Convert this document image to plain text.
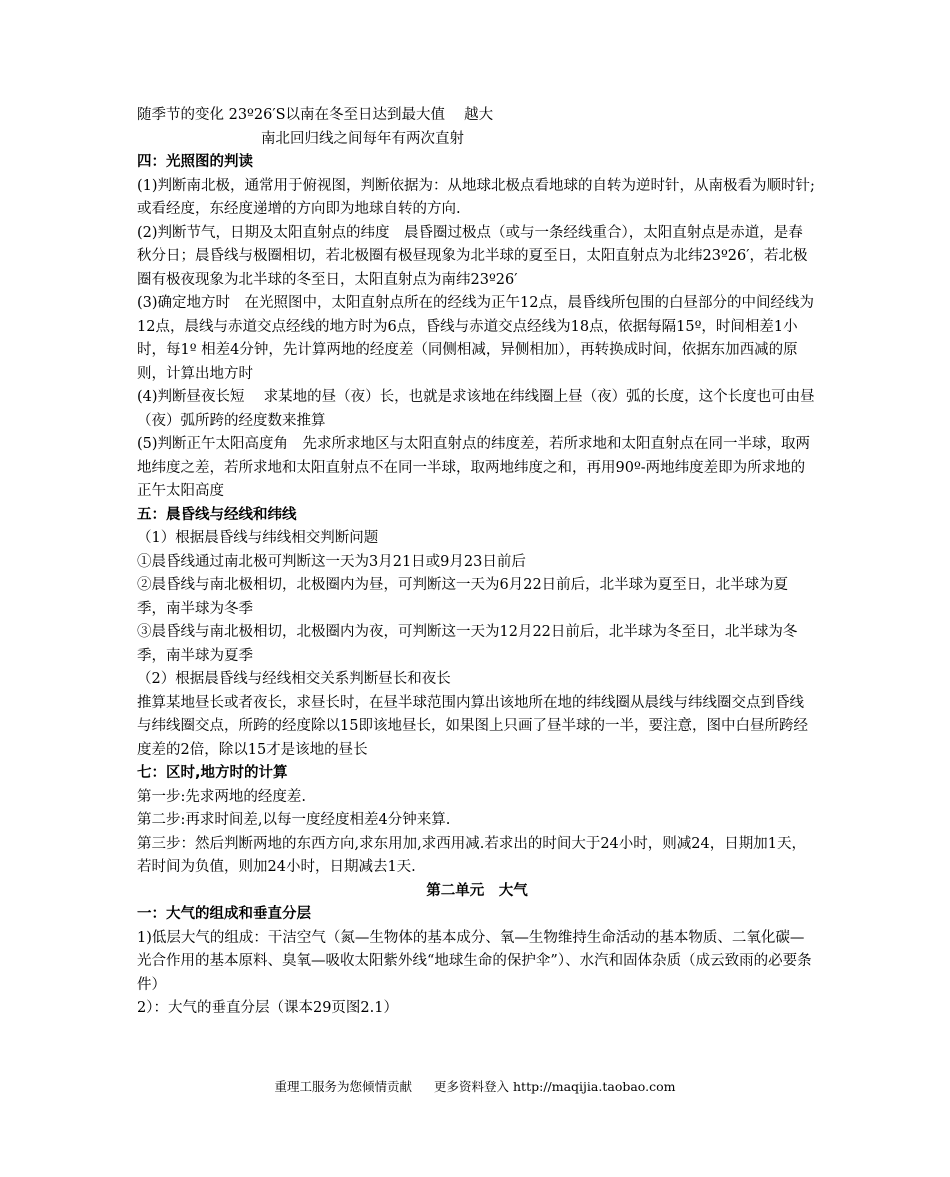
随季节的变化 23º26′S以南在冬至日达到最大值　 越大
南北回归线之间每年有两次直射
四：光照图的判读
(1)判断南北极，通常用于俯视图，判断依据为：从地球北极点看地球的自转为逆时针，从南极看为顺时针;或看经度，东经度递增的方向即为地球自转的方向.
(2)判断节气，日期及太阳直射点的纬度　晨昏圈过极点（或与一条经线重合），太阳直射点是赤道，是春秋分日；晨昏线与极圈相切，若北极圈有极昼现象为北半球的夏至日，太阳直射点为北纬23º26′，若北极圈有极夜现象为北半球的冬至日，太阳直射点为南纬23º26′
(3)确定地方时　在光照图中，太阳直射点所在的经线为正午12点，晨昏线所包围的白昼部分的中间经线为12点，晨线与赤道交点经线的地方时为6点，昏线与赤道交点经线为18点，依据每隔15º，时间相差1小时，每1º 相差4分钟，先计算两地的经度差（同侧相减，异侧相加），再转换成时间，依据东加西减的原则，计算出地方时
(4)判断昼夜长短　 求某地的昼（夜）长，也就是求该地在纬线圈上昼（夜）弧的长度，这个长度也可由昼（夜）弧所跨的经度数来推算
(5)判断正午太阳高度角　先求所求地区与太阳直射点的纬度差，若所求地和太阳直射点在同一半球，取两地纬度之差，若所求地和太阳直射点不在同一半球，取两地纬度之和，再用90º-两地纬度差即为所求地的正午太阳高度
五：晨昏线与经线和纬线
（1）根据晨昏线与纬线相交判断问题
①晨昏线通过南北极可判断这一天为3月21日或9月23日前后
②晨昏线与南北极相切，北极圈内为昼，可判断这一天为6月22日前后，北半球为夏至日，北半球为夏季，南半球为冬季
③晨昏线与南北极相切，北极圈内为夜，可判断这一天为12月22日前后，北半球为冬至日，北半球为冬季，南半球为夏季
（2）根据晨昏线与经线相交关系判断昼长和夜长
推算某地昼长或者夜长，求昼长时，在昼半球范围内算出该地所在地的纬线圈从晨线与纬线圈交点到昏线与纬线圈交点，所跨的经度除以15即该地昼长，如果图上只画了昼半球的一半，要注意，图中白昼所跨经度差的2倍，除以15才是该地的昼长
七：区时,地方时的计算
第一步:先求两地的经度差.
第二步:再求时间差,以每一度经度相差4分钟来算.
第三步：然后判断两地的东西方向,求东用加,求西用减.若求出的时间大于24小时，则减24，日期加1天，若时间为负值，则加24小时，日期减去1天.
第二单元　大气
一：大气的组成和垂直分层
1)低层大气的组成：干洁空气（氮—生物体的基本成分、氧—生物维持生命活动的基本物质、二氧化碳—光合作用的基本原料、臭氧—吸收太阳紫外线“地球生命的保护伞”）、水汽和固体杂质（成云致雨的必要条件）
2）：大气的垂直分层（课本29页图2.1）
重理工服务为您倾情贡献 更多资料登入 http://maqijia.taobao.com
